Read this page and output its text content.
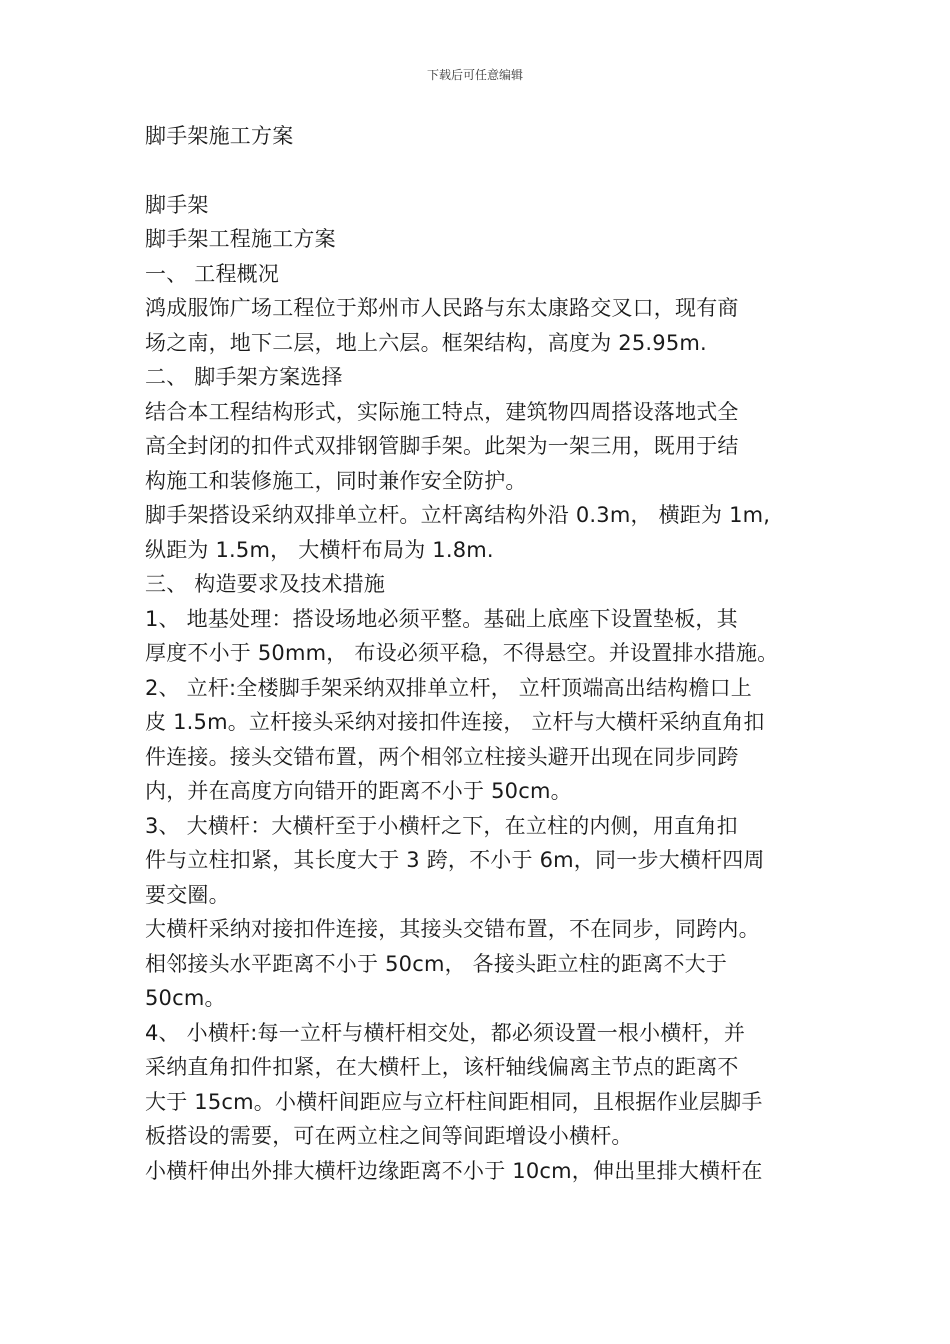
下载后可任意编辑
脚手架施工方案
脚手架
脚手架工程施工方案
一、 工程概况
鸿成服饰广场工程位于郑州市人民路与东太康路交叉口，现有商
场之南，地下二层，地上六层。框架结构，高度为 25.95m.
二、 脚手架方案选择
结合本工程结构形式，实际施工特点，建筑物四周搭设落地式全
高全封闭的扣件式双排钢管脚手架。此架为一架三用，既用于结
构施工和装修施工，同时兼作安全防护。
脚手架搭设采纳双排单立杆。立杆离结构外沿 0.3m， 横距为 1m,
纵距为 1.5m， 大横杆布局为 1.8m.
三、 构造要求及技术措施
1、 地基处理：搭设场地必须平整。基础上底座下设置垫板，其
厚度不小于 50mm， 布设必须平稳，不得悬空。并设置排水措施。
2、 立杆:全楼脚手架采纳双排单立杆， 立杆顶端高出结构檐口上
皮 1.5m。立杆接头采纳对接扣件连接， 立杆与大横杆采纳直角扣
件连接。接头交错布置，两个相邻立柱接头避开出现在同步同跨
内，并在高度方向错开的距离不小于 50cm。
3、 大横杆：大横杆至于小横杆之下，在立柱的内侧，用直角扣
件与立柱扣紧，其长度大于 3 跨，不小于 6m，同一步大横杆四周
要交圈。
大横杆采纳对接扣件连接，其接头交错布置，不在同步，同跨内。
相邻接头水平距离不小于 50cm， 各接头距立柱的距离不大于
50cm。
4、 小横杆:每一立杆与横杆相交处，都必须设置一根小横杆，并
采纳直角扣件扣紧，在大横杆上，该杆轴线偏离主节点的距离不
大于 15cm。小横杆间距应与立杆柱间距相同，且根据作业层脚手
板搭设的需要，可在两立柱之间等间距增设小横杆。
小横杆伸出外排大横杆边缘距离不小于 10cm，伸出里排大横杆在
